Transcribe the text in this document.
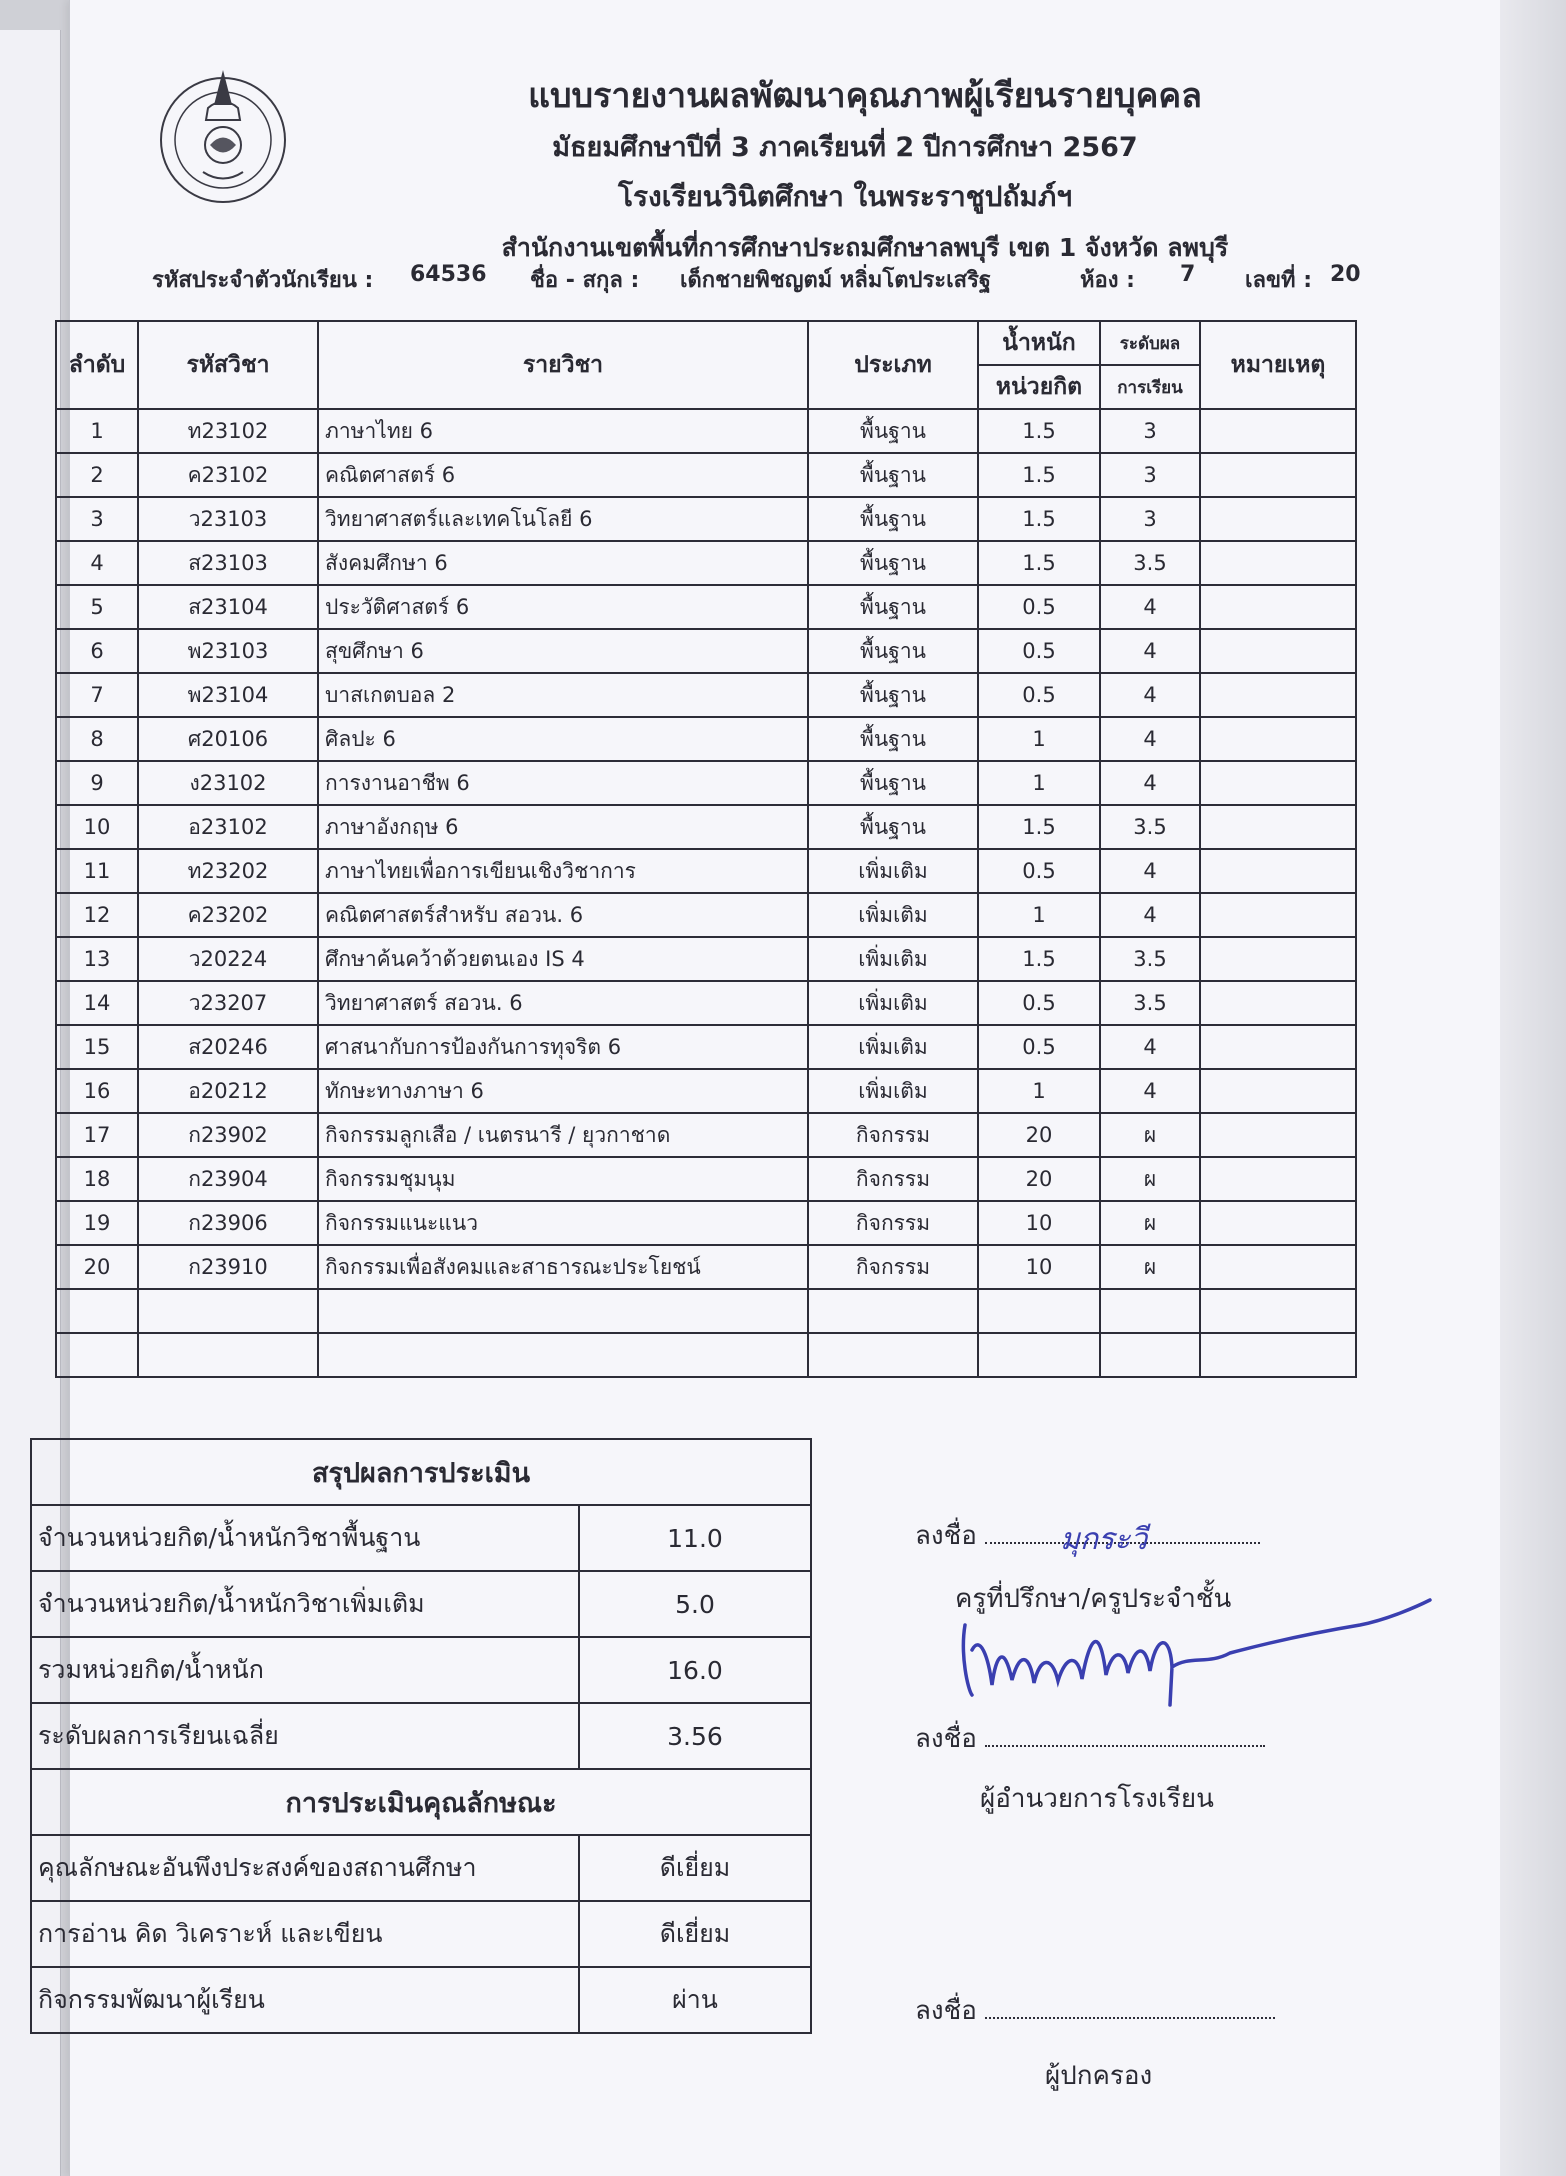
แบบรายงานผลพัฒนาคุณภาพผู้เรียนรายบุคคล
มัธยมศึกษาปีที่ 3 ภาคเรียนที่ 2 ปีการศึกษา 2567
โรงเรียนวินิตศึกษา ในพระราชูปถัมภ์ฯ
สำนักงานเขตพื้นที่การศึกษาประถมศึกษาลพบุรี เขต 1 จังหวัด ลพบุรี
รหัสประจำตัวนักเรียน : 64536 ชื่อ - สกุล : เด็กชายพิชญตม์ หลิ่มโตประเสริฐ	ห้อง : 7 เลขที่ : 20
ลำดับ	รหัสวิชา	รายวิชา	ประเภท	น้ำหนัก	ระดับผล	หมายเหตุ
				หน่วยกิต	การเรียน	
1	ท23102	ภาษาไทย 6	พื้นฐาน	1.5	3	
2	ค23102	คณิตศาสตร์ 6	พื้นฐาน	1.5	3	
3	ว23103	วิทยาศาสตร์และเทคโนโลยี 6	พื้นฐาน	1.5	3	
4	ส23103	สังคมศึกษา 6	พื้นฐาน	1.5	3.5	
5	ส23104	ประวัติศาสตร์ 6	พื้นฐาน	0.5	4	
6	พ23103	สุขศึกษา 6	พื้นฐาน	0.5	4	
7	พ23104	บาสเกตบอล 2	พื้นฐาน	0.5	4	
8	ศ20106	ศิลปะ 6	พื้นฐาน	1	4	
9	ง23102	การงานอาชีพ 6	พื้นฐาน	1	4	
10	อ23102	ภาษาอังกฤษ 6	พื้นฐาน	1.5	3.5	
11	ท23202	ภาษาไทยเพื่อการเขียนเชิงวิชาการ	เพิ่มเติม	0.5	4	
12	ค23202	คณิตศาสตร์สำหรับ สอวน. 6	เพิ่มเติม	1	4	
13	ว20224	ศึกษาค้นคว้าด้วยตนเอง IS 4	เพิ่มเติม	1.5	3.5	
14	ว23207	วิทยาศาสตร์ สอวน. 6	เพิ่มเติม	0.5	3.5	
15	ส20246	ศาสนากับการป้องกันการทุจริต 6	เพิ่มเติม	0.5	4	
16	อ20212	ทักษะทางภาษา 6	เพิ่มเติม	1	4	
17	ก23902	กิจกรรมลูกเสือ / เนตรนารี / ยุวกาชาด	กิจกรรม	20	ผ	
18	ก23904	กิจกรรมชุมนุม	กิจกรรม	20	ผ	
19	ก23906	กิจกรรมแนะแนว	กิจกรรม	10	ผ	
20	ก23910	กิจกรรมเพื่อสังคมและสาธารณะประโยชน์	กิจกรรม	10	ผ	

สรุปผลการประเมิน	
จำนวนหน่วยกิต/น้ำหนักวิชาพื้นฐาน	11.0
จำนวนหน่วยกิต/น้ำหนักวิชาเพิ่มเติม	5.0
รวมหน่วยกิต/น้ำหนัก	16.0
ระดับผลการเรียนเฉลี่ย	3.56
การประเมินคุณลักษณะ	
คุณลักษณะอันพึงประสงค์ของสถานศึกษา	ดีเยี่ยม
การอ่าน คิด วิเคราะห์ และเขียน	ดีเยี่ยม
กิจกรรมพัฒนาผู้เรียน	ผ่าน
ลงชื่อ	มุกระวี
ครูที่ปรึกษา/ครูประจำชั้น
ลงชื่อ
ผู้อำนวยการโรงเรียน
ลงชื่อ
ผู้ปกครอง
